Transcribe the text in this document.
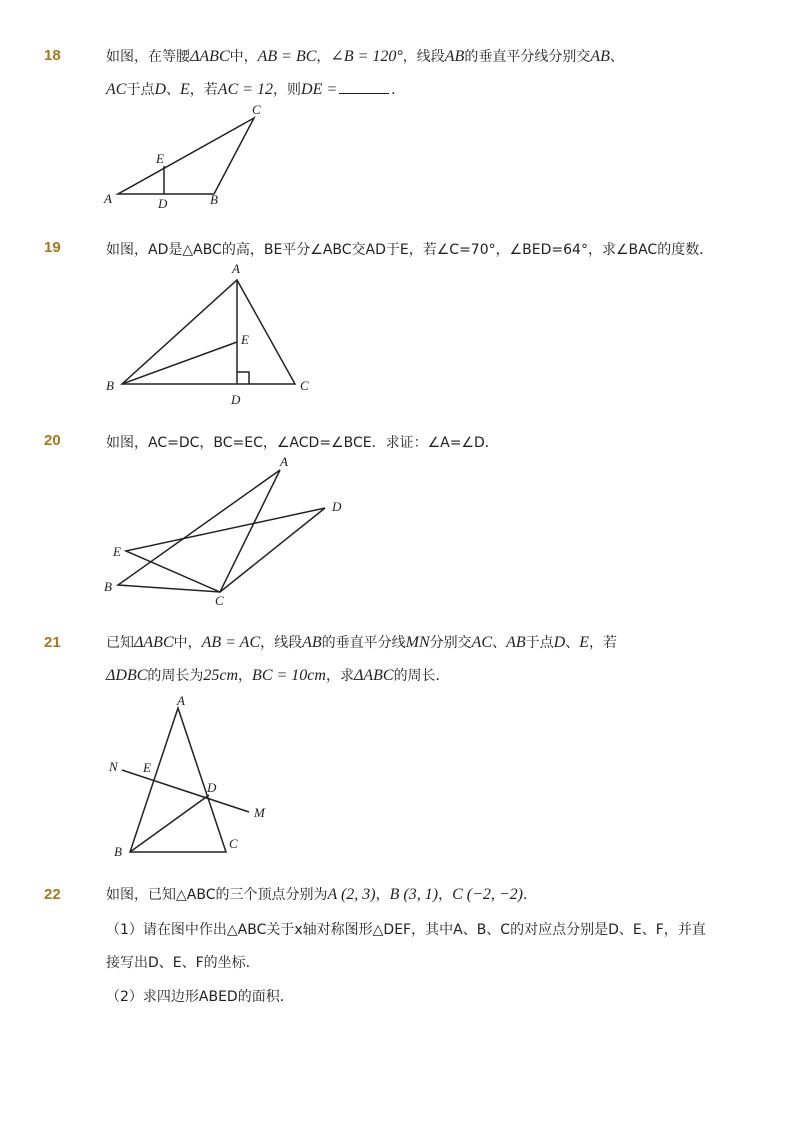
18	如图，在等腰ΔABC中，AB = BC，∠B = 120°，线段AB的垂直平分线分别交AB、
AC于点D、E，若AC = 12，则DE =	．
C
E
A	D	B
19	如图，AD是△ABC的高，BE平分∠ABC交AD于E，若∠C=70°，∠BED=64°，求∠BAC的度数．
A
E
B
D
C
20	如图，AC=DC，BC=EC，∠ACD=∠BCE．求证：∠A=∠D．
A
D
E
B
C
21	已知ΔABC中，AB = AC，线段AB的垂直平分线MN分别交AC、AB于点D、E，若
ΔDBC的周长为25cm，BC = 10cm，求ΔABC的周长．
A
N E
D
M
B
C
22	如图，已知△ABC的三个顶点分别为A (2, 3)，B (3, 1)，C (−2, −2)．
（1）请在图中作出△ABC关于x轴对称图形△DEF，其中A、B、C的对应点分别是D、E、F，并直
接写出D、E、F的坐标．
（2）求四边形ABED的面积．
